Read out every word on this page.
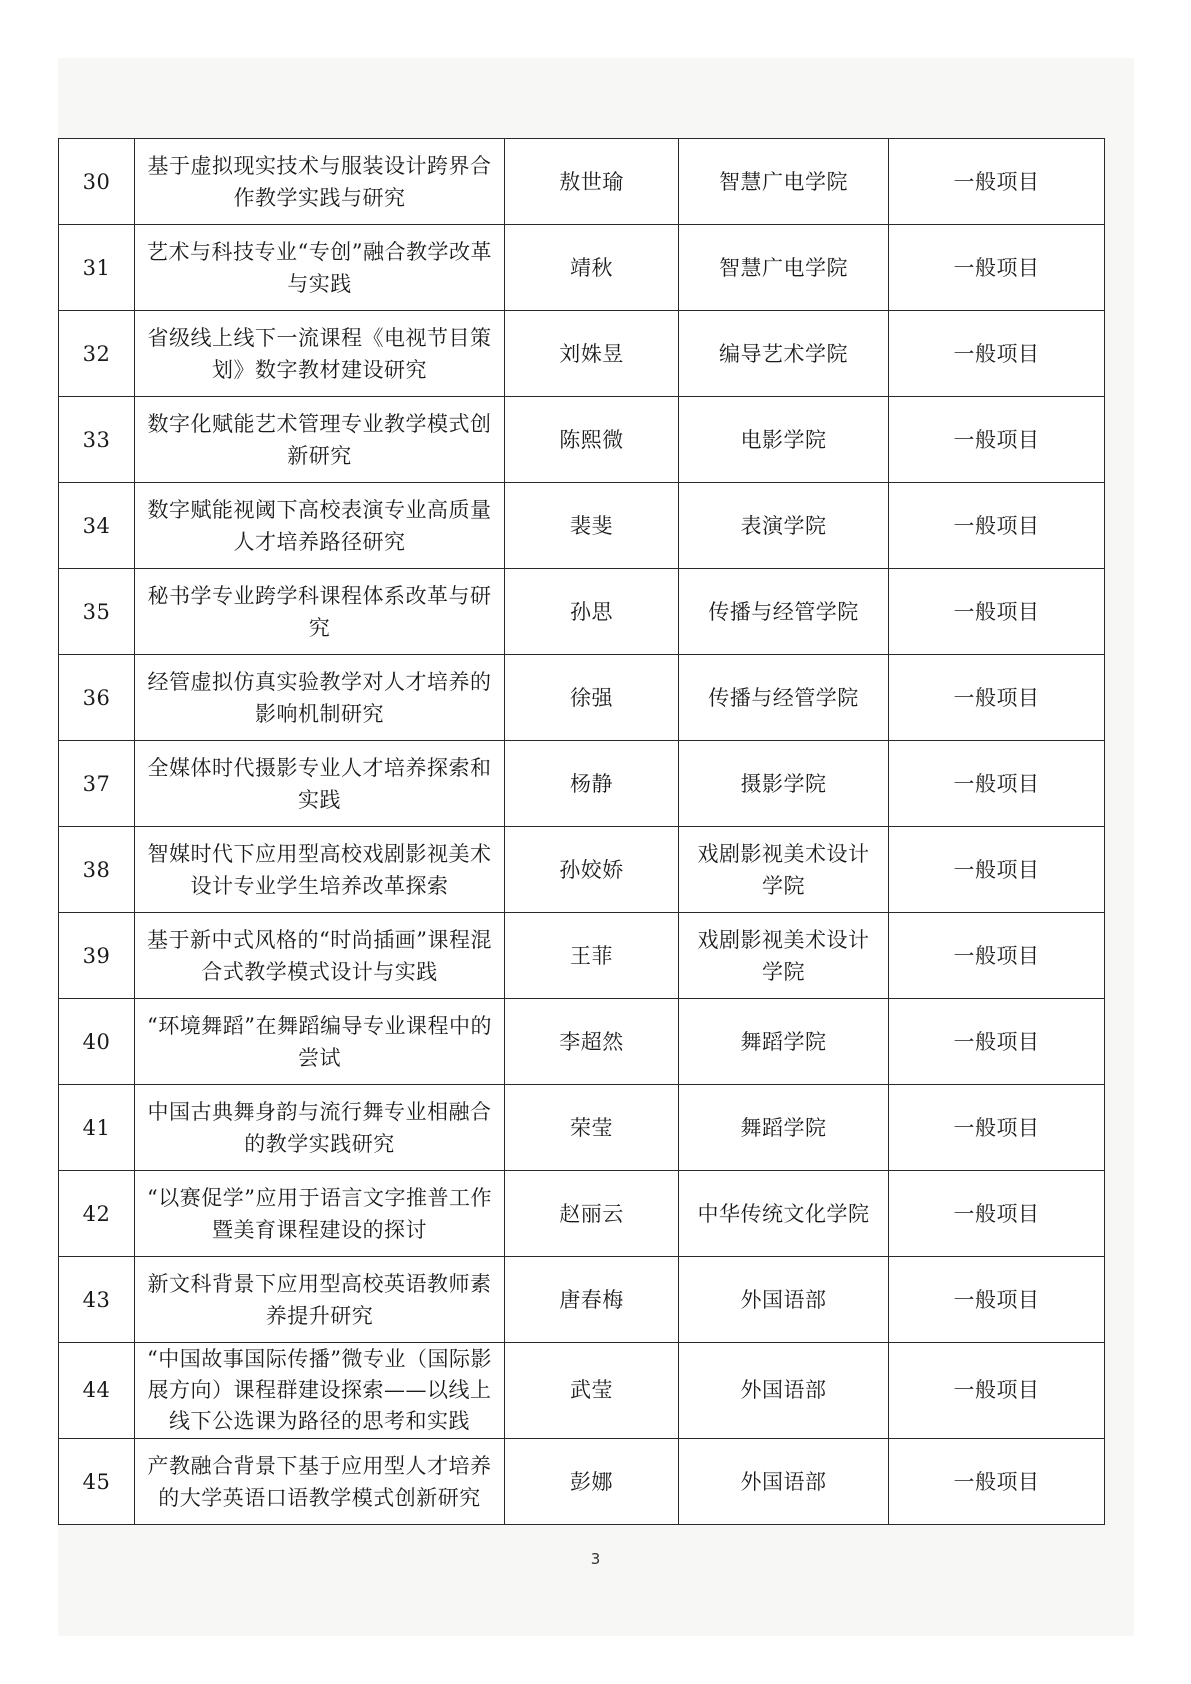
30	基于虚拟现实技术与服装设计跨界合作教学实践与研究	敖世瑜	智慧广电学院	一般项目
31	艺术与科技专业“专创”融合教学改革与实践	靖秋	智慧广电学院	一般项目
32	省级线上线下一流课程《电视节目策划》数字教材建设研究	刘姝昱	编导艺术学院	一般项目
33	数字化赋能艺术管理专业教学模式创新研究	陈熙微	电影学院	一般项目
34	数字赋能视阈下高校表演专业高质量人才培养路径研究	裴斐	表演学院	一般项目
35	秘书学专业跨学科课程体系改革与研究	孙思	传播与经管学院	一般项目
36	经管虚拟仿真实验教学对人才培养的影响机制研究	徐强	传播与经管学院	一般项目
37	全媒体时代摄影专业人才培养探索和实践	杨静	摄影学院	一般项目
38	智媒时代下应用型高校戏剧影视美术设计专业学生培养改革探索	孙姣娇	戏剧影视美术设计学院	一般项目
39	基于新中式风格的“时尚插画”课程混合式教学模式设计与实践	王菲	戏剧影视美术设计学院	一般项目
40	“环境舞蹈”在舞蹈编导专业课程中的尝试	李超然	舞蹈学院	一般项目
41	中国古典舞身韵与流行舞专业相融合的教学实践研究	荣莹	舞蹈学院	一般项目
42	“以赛促学”应用于语言文字推普工作暨美育课程建设的探讨	赵丽云	中华传统文化学院	一般项目
43	新文科背景下应用型高校英语教师素养提升研究	唐春梅	外国语部	一般项目
44	“中国故事国际传播”微专业（国际影展方向）课程群建设探索——以线上线下公选课为路径的思考和实践	武莹	外国语部	一般项目
45	产教融合背景下基于应用型人才培养的大学英语口语教学模式创新研究	彭娜	外国语部	一般项目
3
